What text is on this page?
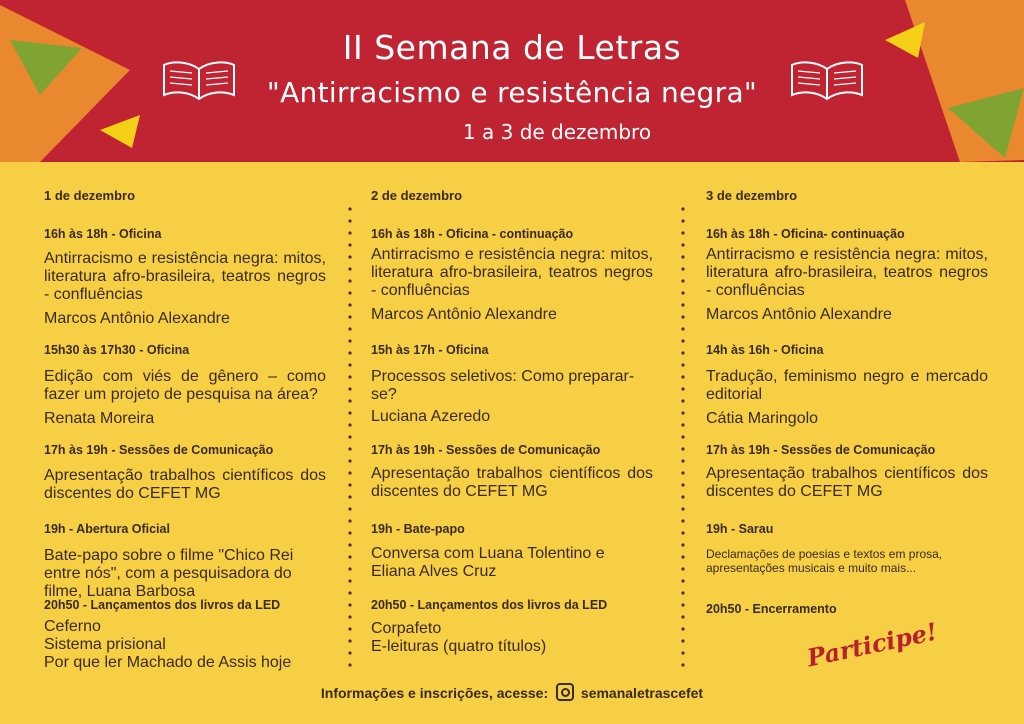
II Semana de Letras
"Antirracismo e resistência negra"
1 a 3 de dezembro
1 de dezembro
16h às 18h - Oficina
Antirracismo e resistência negra: mitos, literatura afro-brasileira, teatros negros - confluências
Marcos Antônio Alexandre
15h30 às 17h30 - Oficina
Edição com viés de gênero – como fazer um projeto de pesquisa na área?
Renata Moreira
17h às 19h - Sessões de Comunicação
Apresentação trabalhos científicos dos discentes do CEFET MG
19h - Abertura Oficial
Bate-papo sobre o filme "Chico Rei entre nós", com a pesquisadora do filme, Luana Barbosa
20h50 - Lançamentos dos livros da LED
Ceferno
Sistema prisional
Por que ler Machado de Assis hoje
2 de dezembro
16h às 18h - Oficina - continuação
Antirracismo e resistência negra: mitos, literatura afro-brasileira, teatros negros - confluências
Marcos Antônio Alexandre
15h às 17h - Oficina
Processos seletivos: Como preparar-se?
Luciana Azeredo
17h às 19h - Sessões de Comunicação
Apresentação trabalhos científicos dos discentes do CEFET MG
19h - Bate-papo
Conversa com Luana Tolentino e Eliana Alves Cruz
20h50 - Lançamentos dos livros da LED
Corpafeto
E-leituras (quatro títulos)
3 de dezembro
16h às 18h - Oficina- continuação
Antirracismo e resistência negra: mitos, literatura afro-brasileira, teatros negros - confluências
Marcos Antônio Alexandre
14h às 16h - Oficina
Tradução, feminismo negro e mercado editorial
Cátia Maringolo
17h às 19h - Sessões de Comunicação
Apresentação trabalhos científicos dos discentes do CEFET MG
19h - Sarau
Declamações de poesias e textos em prosa, apresentações musicais e muito mais...
20h50 - Encerramento
Participe!
Informações e inscrições, acesse: semanaletrascefet
